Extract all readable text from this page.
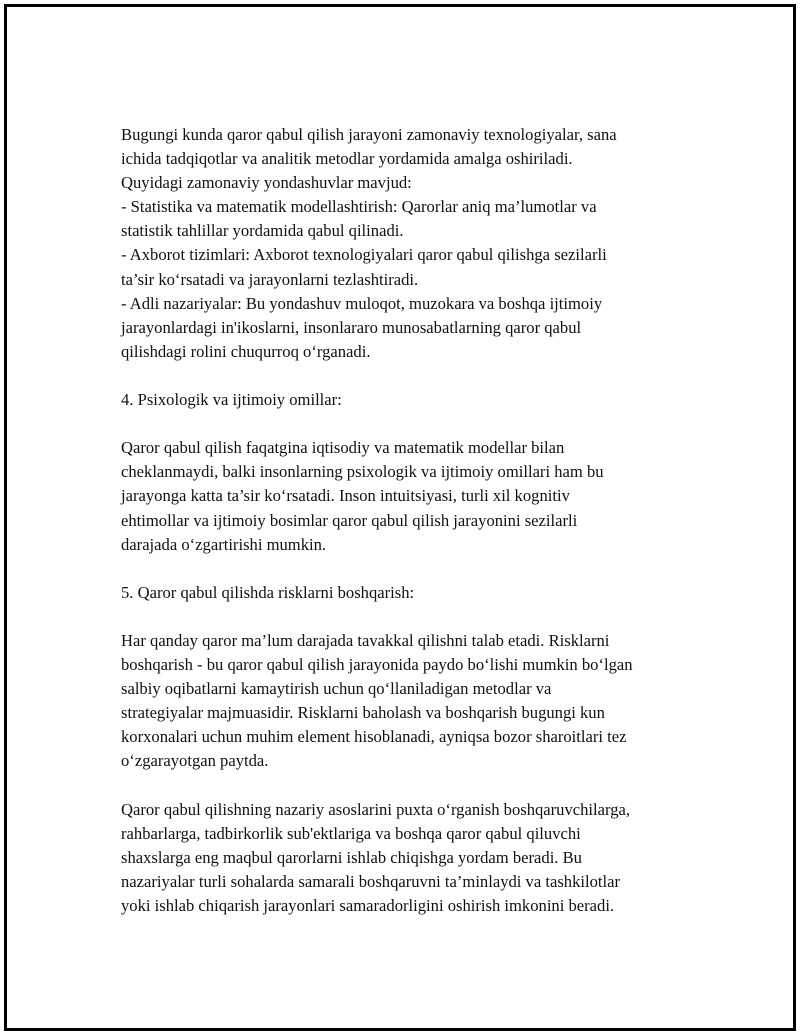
Bugungi kunda qaror qabul qilish jarayoni zamonaviy texnologiyalar, sana
ichida tadqiqotlar va analitik metodlar yordamida amalga oshiriladi.
Quyidagi zamonaviy yondashuvlar mavjud:
- Statistika va matematik modellashtirish: Qarorlar aniq ma’lumotlar va
statistik tahlillar yordamida qabul qilinadi.
- Axborot tizimlari: Axborot texnologiyalari qaror qabul qilishga sezilarli
ta’sir ko‘rsatadi va jarayonlarni tezlashtiradi.
- Adli nazariyalar: Bu yondashuv muloqot, muzokara va boshqa ijtimoiy
jarayonlardagi in'ikoslarni, insonlararo munosabatlarning qaror qabul
qilishdagi rolini chuqurroq o‘rganadi.
4. Psixologik va ijtimoiy omillar:
Qaror qabul qilish faqatgina iqtisodiy va matematik modellar bilan
cheklanmaydi, balki insonlarning psixologik va ijtimoiy omillari ham bu
jarayonga katta ta’sir ko‘rsatadi. Inson intuitsiyasi, turli xil kognitiv
ehtimollar va ijtimoiy bosimlar qaror qabul qilish jarayonini sezilarli
darajada o‘zgartirishi mumkin.
5. Qaror qabul qilishda risklarni boshqarish:
Har qanday qaror ma’lum darajada tavakkal qilishni talab etadi. Risklarni
boshqarish - bu qaror qabul qilish jarayonida paydo bo‘lishi mumkin bo‘lgan
salbiy oqibatlarni kamaytirish uchun qo‘llaniladigan metodlar va
strategiyalar majmuasidir. Risklarni baholash va boshqarish bugungi kun
korxonalari uchun muhim element hisoblanadi, ayniqsa bozor sharoitlari tez
o‘zgarayotgan paytda.
Qaror qabul qilishning nazariy asoslarini puxta o‘rganish boshqaruvchilarga,
rahbarlarga, tadbirkorlik sub'ektlariga va boshqa qaror qabul qiluvchi
shaxslarga eng maqbul qarorlarni ishlab chiqishga yordam beradi. Bu
nazariyalar turli sohalarda samarali boshqaruvni ta’minlaydi va tashkilotlar
yoki ishlab chiqarish jarayonlari samaradorligini oshirish imkonini beradi.
